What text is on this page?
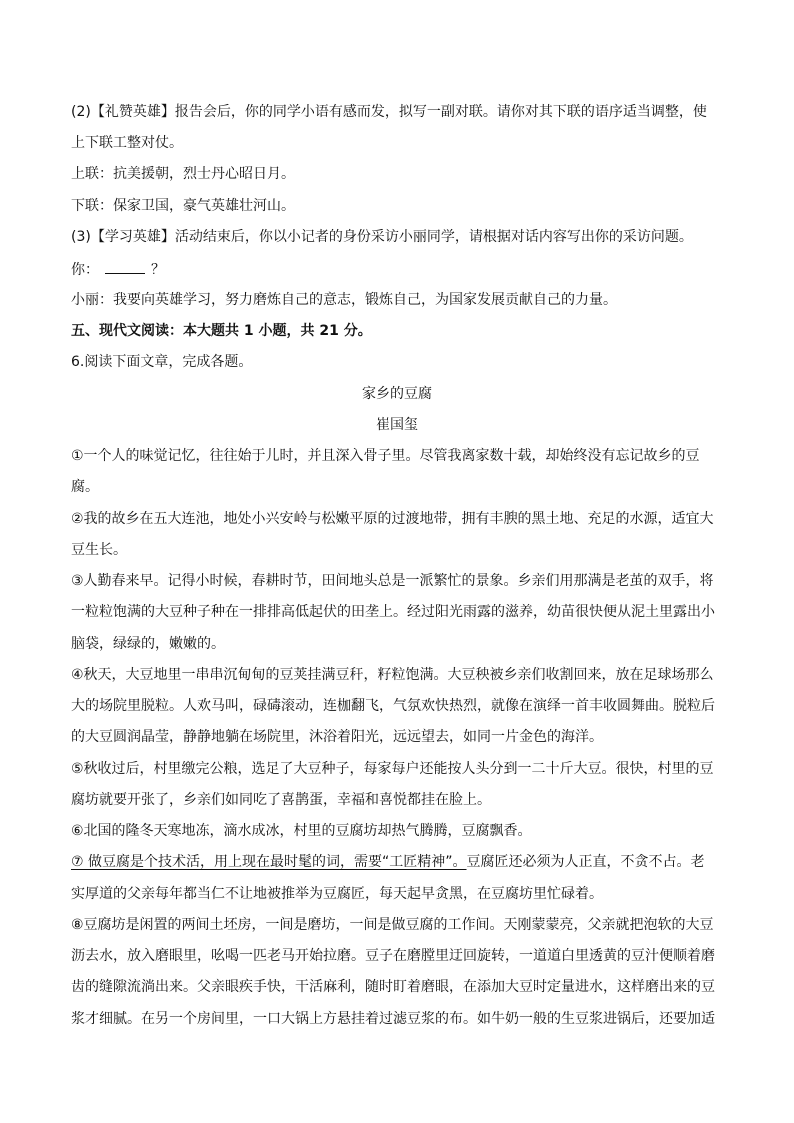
(2)【礼赞英雄】报告会后，你的同学小语有感而发，拟写一副对联。请你对其下联的语序适当调整，使
上下联工整对仗。
上联：抗美援朝，烈士丹心昭日月。
下联：保家卫国，豪气英雄壮河山。
(3)【学习英雄】活动结束后，你以小记者的身份采访小丽同学，请根据对话内容写出你的采访问题。
你：	？
小丽：我要向英雄学习，努力磨炼自己的意志，锻炼自己，为国家发展贡献自己的力量。
五、现代文阅读：本大题共 1 小题，共 21 分。
6.阅读下面文章，完成各题。
家乡的豆腐
崔国玺
①一个人的味觉记忆，往往始于儿时，并且深入骨子里。尽管我离家数十载，却始终没有忘记故乡的豆
腐。
②我的故乡在五大连池，地处小兴安岭与松嫩平原的过渡地带，拥有丰腴的黑土地、充足的水源，适宜大
豆生长。
③人勤春来早。记得小时候，春耕时节，田间地头总是一派繁忙的景象。乡亲们用那满是老茧的双手，将
一粒粒饱满的大豆种子种在一排排高低起伏的田垄上。经过阳光雨露的滋养，幼苗很快便从泥土里露出小
脑袋，绿绿的，嫩嫩的。
④秋天，大豆地里一串串沉甸甸的豆荚挂满豆秆，籽粒饱满。大豆秧被乡亲们收割回来，放在足球场那么
大的场院里脱粒。人欢马叫，碌碡滚动，连枷翻飞，气氛欢快热烈，就像在演绎一首丰收圆舞曲。脱粒后
的大豆圆润晶莹，静静地躺在场院里，沐浴着阳光，远远望去，如同一片金色的海洋。
⑤秋收过后，村里缴完公粮，选足了大豆种子，每家每户还能按人头分到一二十斤大豆。很快，村里的豆
腐坊就要开张了，乡亲们如同吃了喜鹊蛋，幸福和喜悦都挂在脸上。
⑥北国的隆冬天寒地冻，滴水成冰，村里的豆腐坊却热气腾腾，豆腐飘香。
⑦ 做豆腐是个技术活，用上现在最时髦的词，需要“工匠精神”。豆腐匠还必须为人正直，不贪不占。老
实厚道的父亲每年都当仁不让地被推举为豆腐匠，每天起早贪黑，在豆腐坊里忙碌着。
⑧豆腐坊是闲置的两间土坯房，一间是磨坊，一间是做豆腐的工作间。天刚蒙蒙亮，父亲就把泡软的大豆
沥去水，放入磨眼里，吆喝一匹老马开始拉磨。豆子在磨膛里迂回旋转，一道道白里透黄的豆汁便顺着磨
齿的缝隙流淌出来。父亲眼疾手快，干活麻利，随时盯着磨眼，在添加大豆时定量进水，这样磨出来的豆
浆才细腻。在另一个房间里，一口大锅上方悬挂着过滤豆浆的布。如牛奶一般的生豆浆进锅后，还要加适
